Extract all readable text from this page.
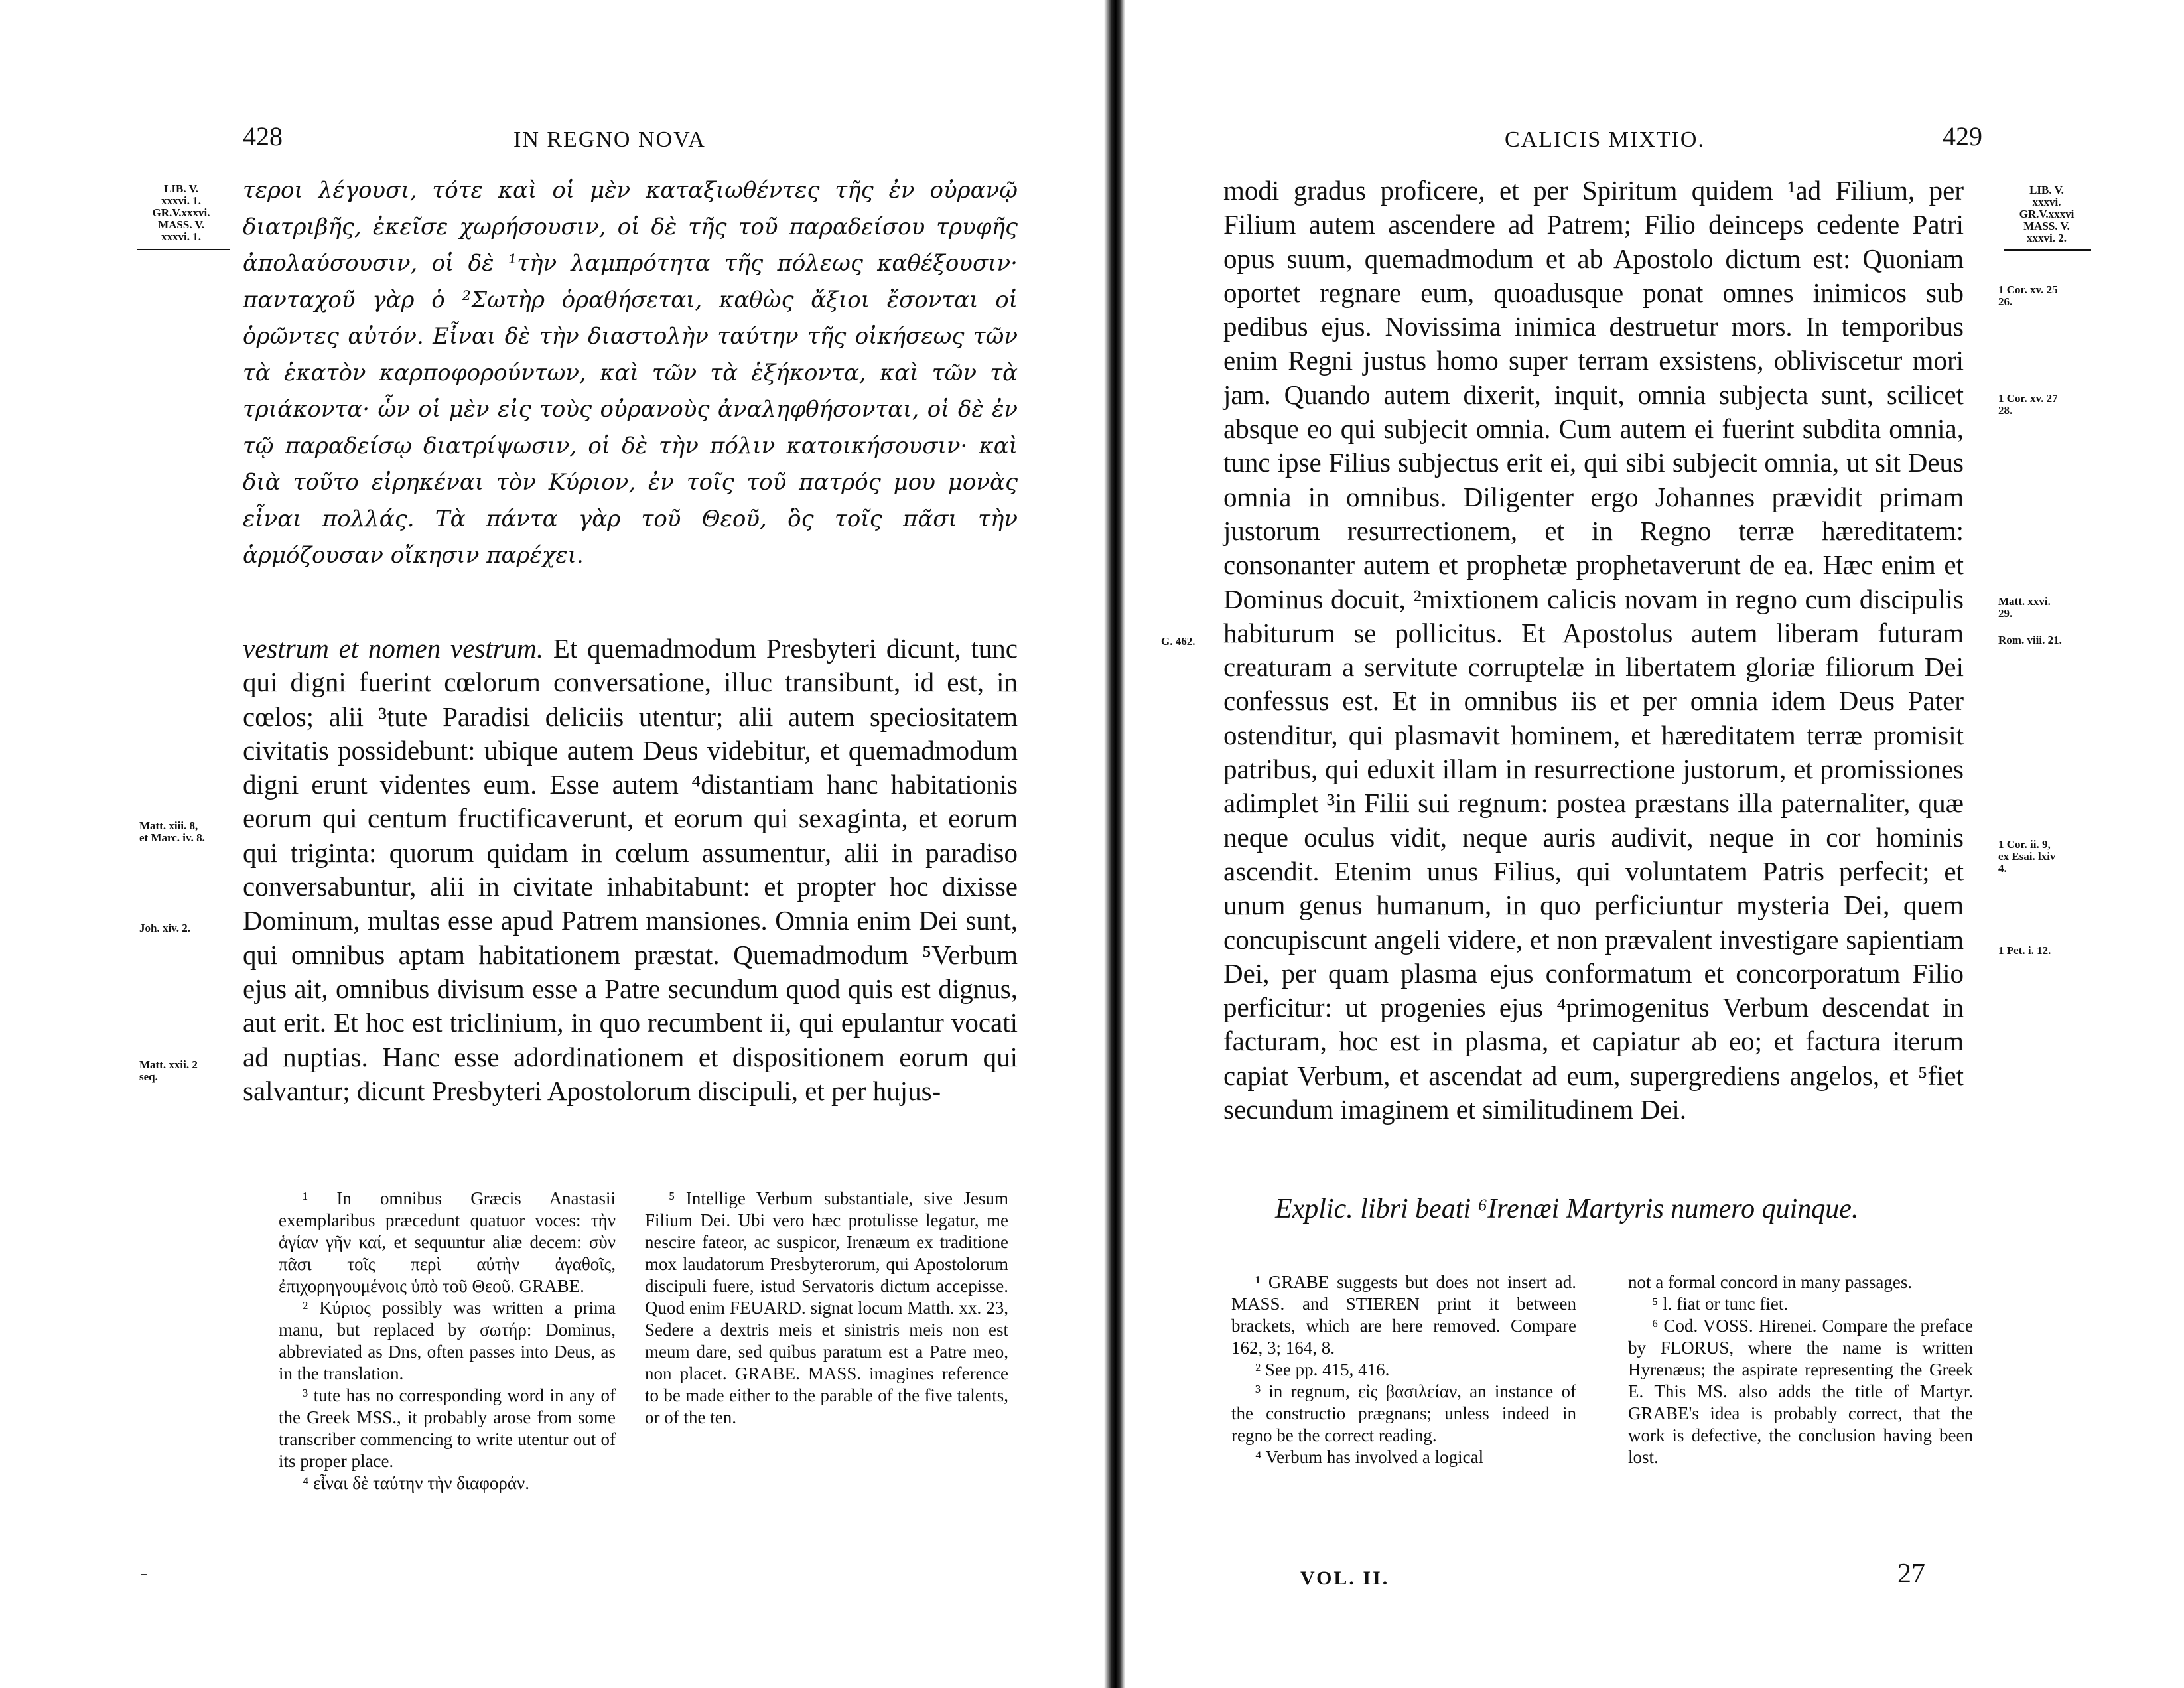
428	IN REGNO NOVA
LIB. V.
xxxvi. 1.
GR.V.xxxvi.
MASS. V.
xxxvi. 1.

τεροι λέγουσι, τότε καὶ οἱ μὲν καταξιωθέντες τῆς ἐν οὐρανῷ διατριβῆς, ἐκεῖσε χωρήσουσιν, οἱ δὲ τῆς τοῦ παραδείσου τρυφῆς ἀπολαύσουσιν, οἱ δὲ ¹τὴν λαμπρότητα τῆς πόλεως καθέξουσιν· πανταχοῦ γὰρ ὁ ²Σωτὴρ ὁραθήσεται, καθὼς ἄξιοι ἔσονται οἱ ὁρῶντες αὐτόν. Εἶναι δὲ τὴν διαστολὴν ταύτην τῆς οἰκήσεως τῶν τὰ ἑκατὸν καρποφορούντων, καὶ τῶν τὰ ἑξήκοντα, καὶ τῶν τὰ τριάκοντα· ὧν οἱ μὲν εἰς τοὺς οὐρανοὺς ἀναληφθήσονται, οἱ δὲ ἐν τῷ παραδείσῳ διατρίψωσιν, οἱ δὲ τὴν πόλιν κατοικήσουσιν· καὶ διὰ τοῦτο εἰρηκέναι τὸν Κύριον, ἐν τοῖς τοῦ πατρός μου μονὰς εἶναι πολλάς. Τὰ πάντα γὰρ τοῦ Θεοῦ, ὃς τοῖς πᾶσι τὴν ἁρμόζουσαν οἴκησιν παρέχει.

vestrum et nomen vestrum. Et quemadmodum Presbyteri dicunt, tunc qui digni fuerint cœlorum conversatione, illuc transibunt, id est, in cœlos; alii ³tute Paradisi deliciis utentur; alii autem speciositatem civitatis possidebunt: ubique autem Deus videbitur, et quemadmodum digni erunt videntes eum. Esse autem ⁴distantiam hanc habitationis eorum qui centum fructificaverunt, et eorum qui sexaginta, et eorum qui triginta: quorum quidam in cœlum assumentur, alii in paradiso conversabuntur, alii in civitate inhabitabunt: et propter hoc dixisse Dominum, multas esse apud Patrem mansiones. Omnia enim Dei sunt, qui omnibus aptam habitationem præstat. Quemadmodum ⁵Verbum ejus ait, omnibus divisum esse a Patre secundum quod quis est dignus, aut erit. Et hoc est triclinium, in quo recumbent ii, qui epulantur vocati ad nuptias. Hanc esse adordinationem et dispositionem eorum qui salvantur; dicunt Presbyteri Apostolorum discipuli, et per hujus-

Matt. xiii. 8,
et Marc. iv. 8.
Joh. xiv. 2.
Matt. xxii. 2
seq.

¹ In omnibus Græcis Anastasii exemplaribus præcedunt quatuor voces: τὴν ἁγίαν γῆν καί, et sequuntur aliæ decem: σὺν πᾶσι τοῖς περὶ αὐτὴν ἀγαθοῖς, ἐπιχορηγουμένοις ὑπὸ τοῦ Θεοῦ. GRABE.

² Κύριος possibly was written a prima manu, but replaced by σωτήρ: Dominus, abbreviated as Dns, often passes into Deus, as in the translation.

³ tute has no corresponding word in any of the Greek MSS., it probably arose from some transcriber commencing to write utentur out of its proper place.

⁴ εἶναι δὲ ταύτην τὴν διαφοράν.

⁵ Intellige Verbum substantiale, sive Jesum Filium Dei. Ubi vero hæc protulisse legatur, me nescire fateor, ac suspicor, Irenæum ex traditione mox laudatorum Presbyterorum, qui Apostolorum discipuli fuere, istud Servatoris dictum accepisse. Quod enim FEUARD. signat locum Matth. xx. 23, Sedere a dextris meis et sinistris meis non est meum dare, sed quibus paratum est a Patre meo, non placet. GRABE. MASS. imagines reference to be made either to the parable of the five talents, or of the ten.

CALICIS MIXTIO.	429

modi gradus proficere, et per Spiritum quidem ¹ad Filium, per Filium autem ascendere ad Patrem; Filio deinceps cedente Patri opus suum, quemadmodum et ab Apostolo dictum est: Quoniam oportet regnare eum, quoadusque ponat omnes inimicos sub pedibus ejus. Novissima inimica destruetur mors. In temporibus enim Regni justus homo super terram exsistens, obliviscetur mori jam. Quando autem dixerit, inquit, omnia subjecta sunt, scilicet absque eo qui subjecit omnia. Cum autem ei fuerint subdita omnia, tunc ipse Filius subjectus erit ei, qui sibi subjecit omnia, ut sit Deus omnia in omnibus. Diligenter ergo Johannes prævidit primam justorum resurrectionem, et in Regno terræ hæreditatem: consonanter autem et prophetæ prophetaverunt de ea. Hæc enim et Dominus docuit, ²mixtionem calicis novam in regno cum discipulis habiturum se pollicitus. Et Apostolus autem liberam futuram creaturam a servitute corruptelæ in libertatem gloriæ filiorum Dei confessus est. Et in omnibus iis et per omnia idem Deus Pater ostenditur, qui plasmavit hominem, et hæreditatem terræ promisit patribus, qui eduxit illam in resurrectione justorum, et promissiones adimplet ³in Filii sui regnum: postea præstans illa paternaliter, quæ neque oculus vidit, neque auris audivit, neque in cor hominis ascendit. Etenim unus Filius, qui voluntatem Patris perfecit; et unum genus humanum, in quo perficiuntur mysteria Dei, quem concupiscunt angeli videre, et non prævalent investigare sapientiam Dei, per quam plasma ejus conformatum et concorporatum Filio perficitur: ut progenies ejus ⁴primogenitus Verbum descendat in facturam, hoc est in plasma, et capiatur ab eo; et factura iterum capiat Verbum, et ascendat ad eum, supergrediens angelos, et ⁵fiet secundum imaginem et similitudinem Dei.

LIB. V.
xxxvi.
GR.V.xxxvi
MASS. V.
xxxvi. 2.
1 Cor. xv. 25
26.
1 Cor. xv. 27
28.
Matt. xxvi.
29.
Rom. viii. 21.
1 Cor. ii. 9,
ex Esai. lxiv
4.
1 Pet. i. 12.
G. 462.
Explic. libri beati ⁶Irenæi Martyris numero quinque.

¹ GRABE suggests but does not insert ad. MASS. and STIEREN print it between brackets, which are here removed. Compare 162, 3; 164, 8.

² See pp. 415, 416.

³ in regnum, εἰς βασιλείαν, an instance of the constructio prægnans; unless indeed in regno be the correct reading.

⁴ Verbum has involved a logical

not a formal concord in many passages.

⁵ l. fiat or tunc fiet.

⁶ Cod. VOSS. Hirenei. Compare the preface by FLORUS, where the name is written Hyrenæus; the aspirate representing the Greek E. This MS. also adds the title of Martyr. GRABE's idea is probably correct, that the work is defective, the conclusion having been lost.

VOL. II.	27
